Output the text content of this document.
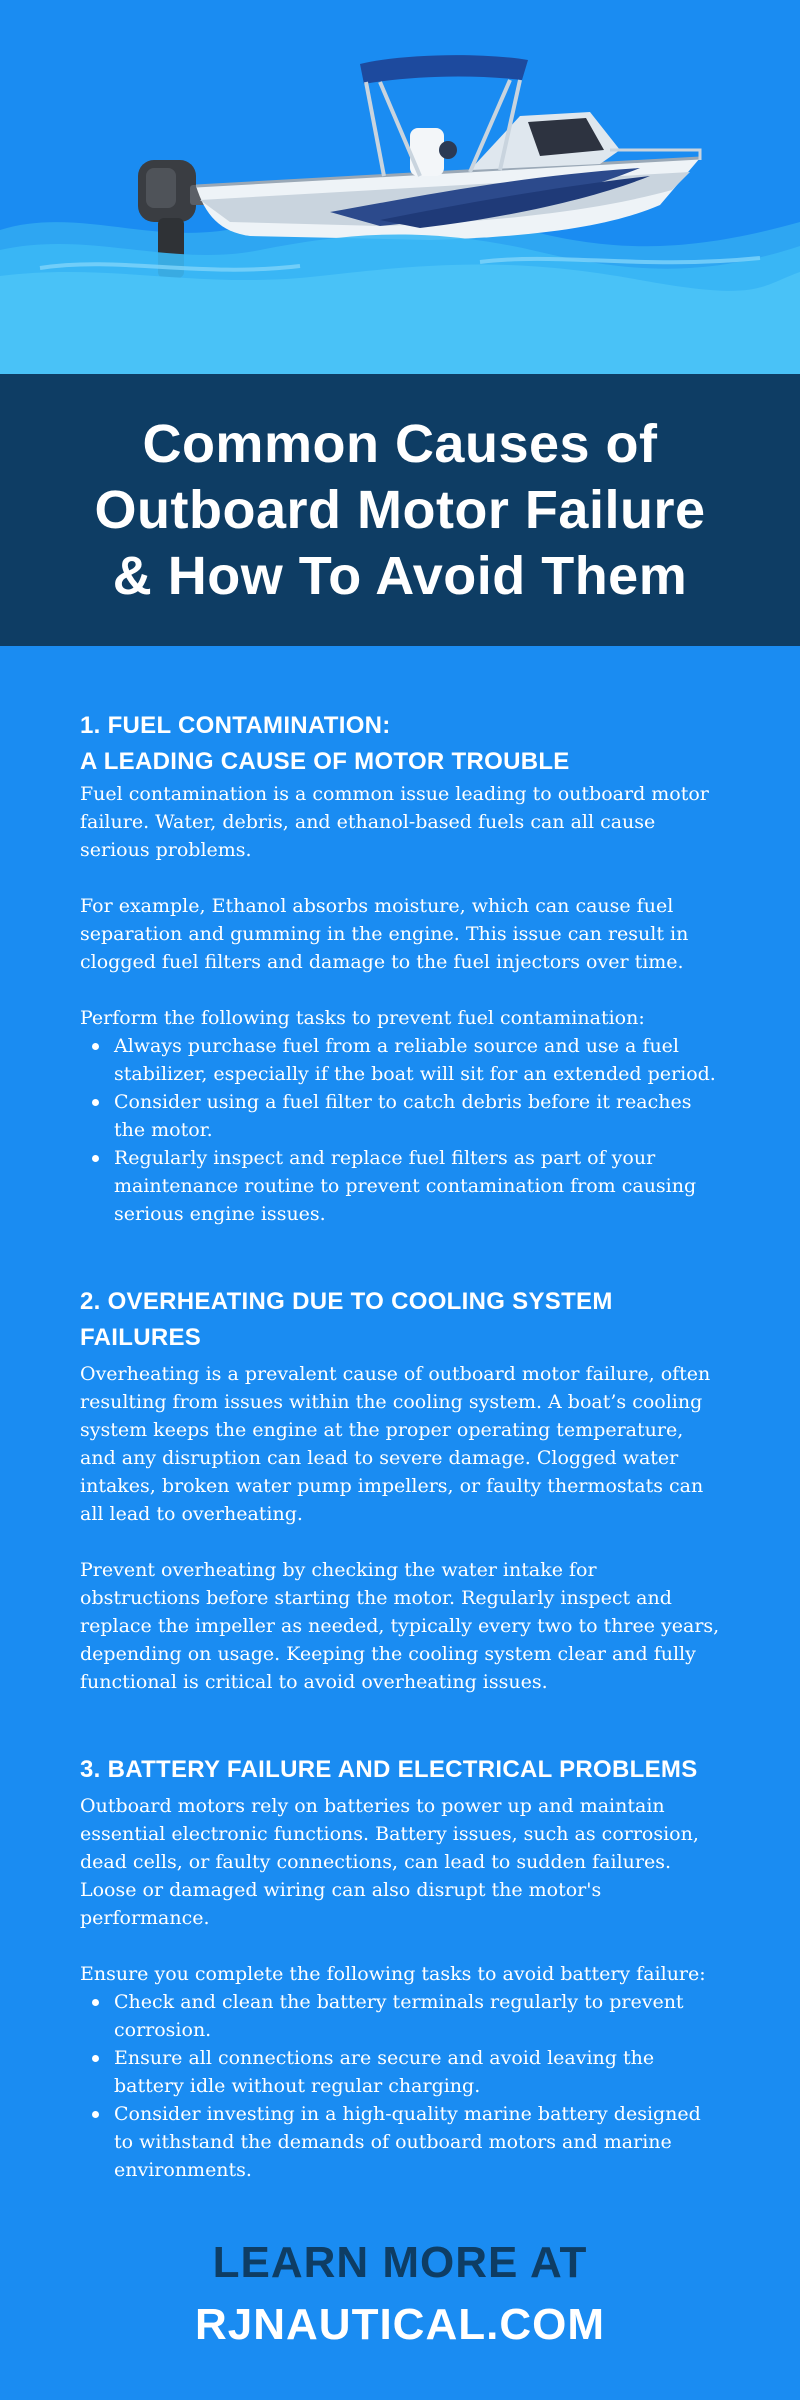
Common Causes of
Outboard Motor Failure
& How To Avoid Them
1. FUEL CONTAMINATION:
A LEADING CAUSE OF MOTOR TROUBLE

Fuel contamination is a common issue leading to outboard motor failure. Water, debris, and ethanol-based fuels can all cause serious problems.

For example, Ethanol absorbs moisture, which can cause fuel separation and gumming in the engine. This issue can result in clogged fuel filters and damage to the fuel injectors over time.

Perform the following tasks to prevent fuel contamination:

Always purchase fuel from a reliable source and use a fuel stabilizer, especially if the boat will sit for an extended period.
Consider using a fuel filter to catch debris before it reaches the motor.
Regularly inspect and replace fuel filters as part of your maintenance routine to prevent contamination from causing serious engine issues.
2. OVERHEATING DUE TO COOLING SYSTEM FAILURES

Overheating is a prevalent cause of outboard motor failure, often resulting from issues within the cooling system. A boat’s cooling system keeps the engine at the proper operating temperature, and any disruption can lead to severe damage. Clogged water intakes, broken water pump impellers, or faulty thermostats can all lead to overheating.

Prevent overheating by checking the water intake for obstructions before starting the motor. Regularly inspect and replace the impeller as needed, typically every two to three years, depending on usage. Keeping the cooling system clear and fully functional is critical to avoid overheating issues.

3. BATTERY FAILURE AND ELECTRICAL PROBLEMS

Outboard motors rely on batteries to power up and maintain essential electronic functions. Battery issues, such as corrosion, dead cells, or faulty connections, can lead to sudden failures. Loose or damaged wiring can also disrupt the motor's performance.

Ensure you complete the following tasks to avoid battery failure:

Check and clean the battery terminals regularly to prevent corrosion.
Ensure all connections are secure and avoid leaving the battery idle without regular charging.
Consider investing in a high-quality marine battery designed to withstand the demands of outboard motors and marine environments.
LEARN MORE AT
RJNAUTICAL.COM
